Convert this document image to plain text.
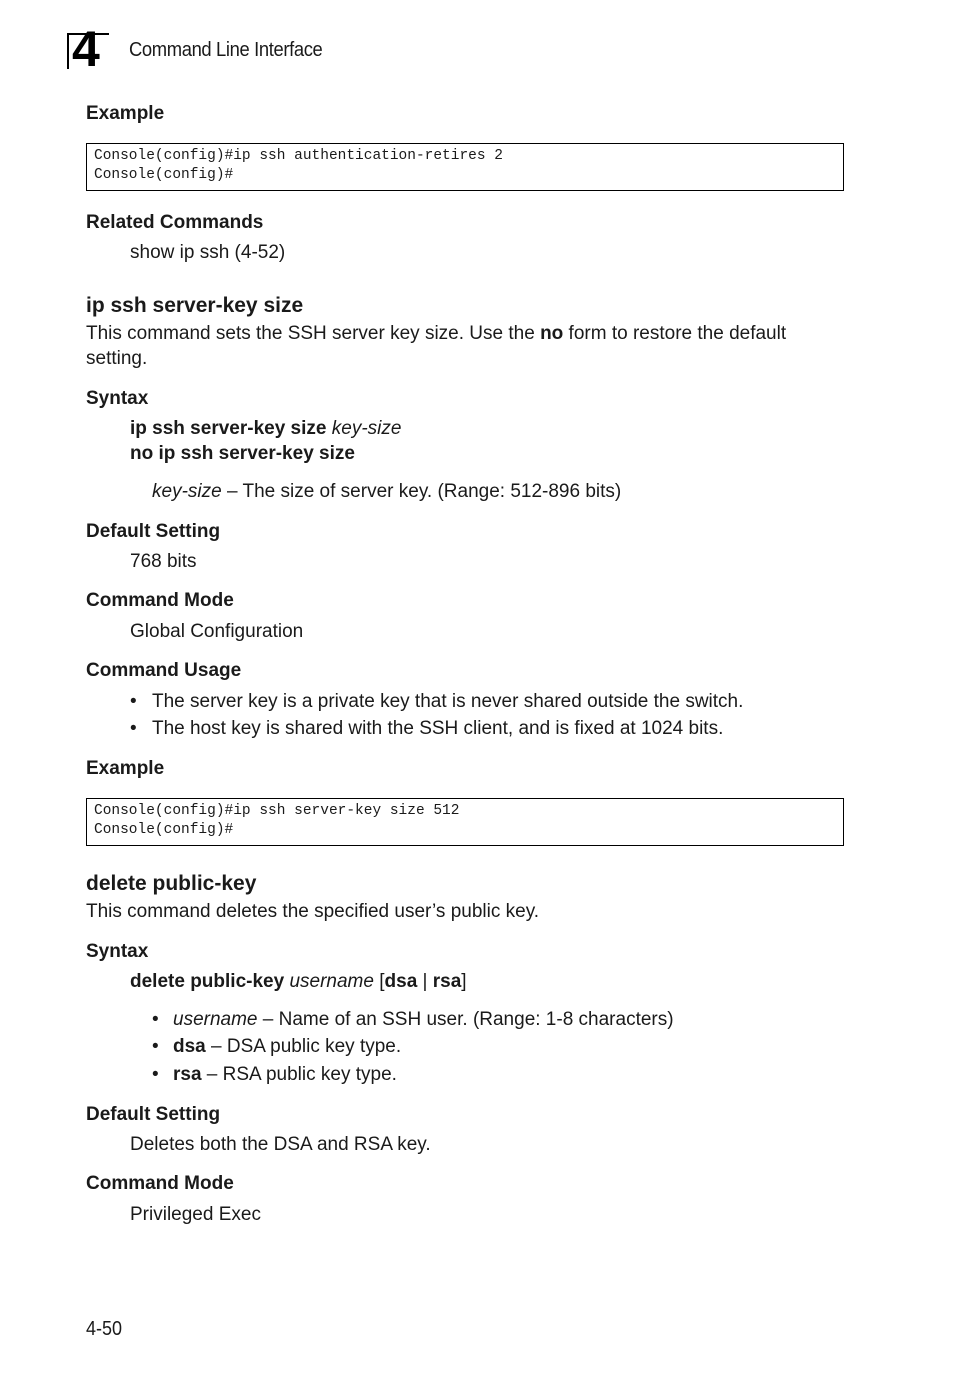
4 Command Line Interface
Example
Console(config)#ip ssh authentication-retires 2
Console(config)#
Related Commands
show ip ssh (4-52)
ip ssh server-key size
This command sets the SSH server key size. Use the no form to restore the default
setting.
Syntax
ip ssh server-key size key-size
no ip ssh server-key size
key-size – The size of server key. (Range: 512-896 bits)
Default Setting
768 bits
Command Mode
Global Configuration
Command Usage
• The server key is a private key that is never shared outside the switch.
• The host key is shared with the SSH client, and is fixed at 1024 bits.
Example
Console(config)#ip ssh server-key size 512
Console(config)#
delete public-key
This command deletes the specified user’s public key.
Syntax
delete public-key username [dsa | rsa]
• username – Name of an SSH user. (Range: 1-8 characters)
• dsa – DSA public key type.
• rsa – RSA public key type.
Default Setting
Deletes both the DSA and RSA key.
Command Mode
Privileged Exec
4-50
